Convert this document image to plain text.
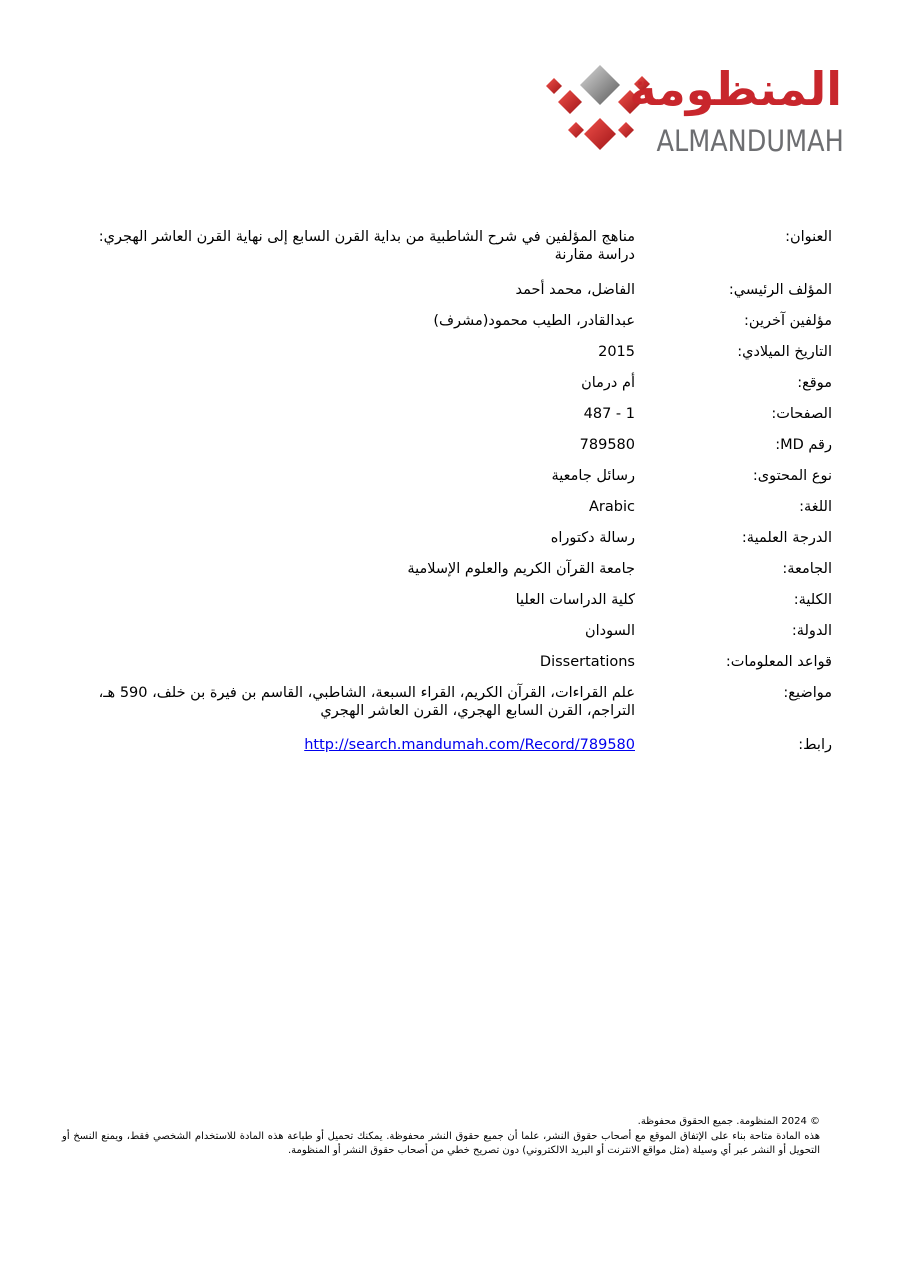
المنظومة
ALMANDUMAH
العنوان:
مناهج المؤلفين في شرح الشاطبية من بداية القرن السابع إلى نهاية القرن العاشر الهجري: دراسة مقارنة
المؤلف الرئيسي:
الفاضل، محمد أحمد
مؤلفين آخرين:
عبدالقادر، الطيب محمود(مشرف)
التاريخ الميلادي:
2015
موقع:
أم درمان
الصفحات:
1 - 487
رقم MD:
789580
نوع المحتوى:
رسائل جامعية
اللغة:
Arabic
الدرجة العلمية:
رسالة دكتوراه
الجامعة:
جامعة القرآن الكريم والعلوم الإسلامية
الكلية:
كلية الدراسات العليا
الدولة:
السودان
قواعد المعلومات:
Dissertations
مواضيع:
علم القراءات، القرآن الكريم، القراء السبعة، الشاطبي، القاسم بن فيرة بن خلف، 590 هـ، التراجم، القرن السابع الهجري، القرن العاشر الهجري
رابط:
http://search.mandumah.com/Record/789580

© 2024 المنظومة. جميع الحقوق محفوظة.

هذه المادة متاحة بناء على الإتفاق الموقع مع أصحاب حقوق النشر، علما أن جميع حقوق النشر محفوظة. يمكنك تحميل أو طباعة هذه المادة للاستخدام الشخصي فقط، ويمنع النسخ أو التحويل أو النشر عبر أي وسيلة (مثل مواقع الانترنت أو البريد الالكتروني) دون تصريح خطي من أصحاب حقوق النشر أو المنظومة.
